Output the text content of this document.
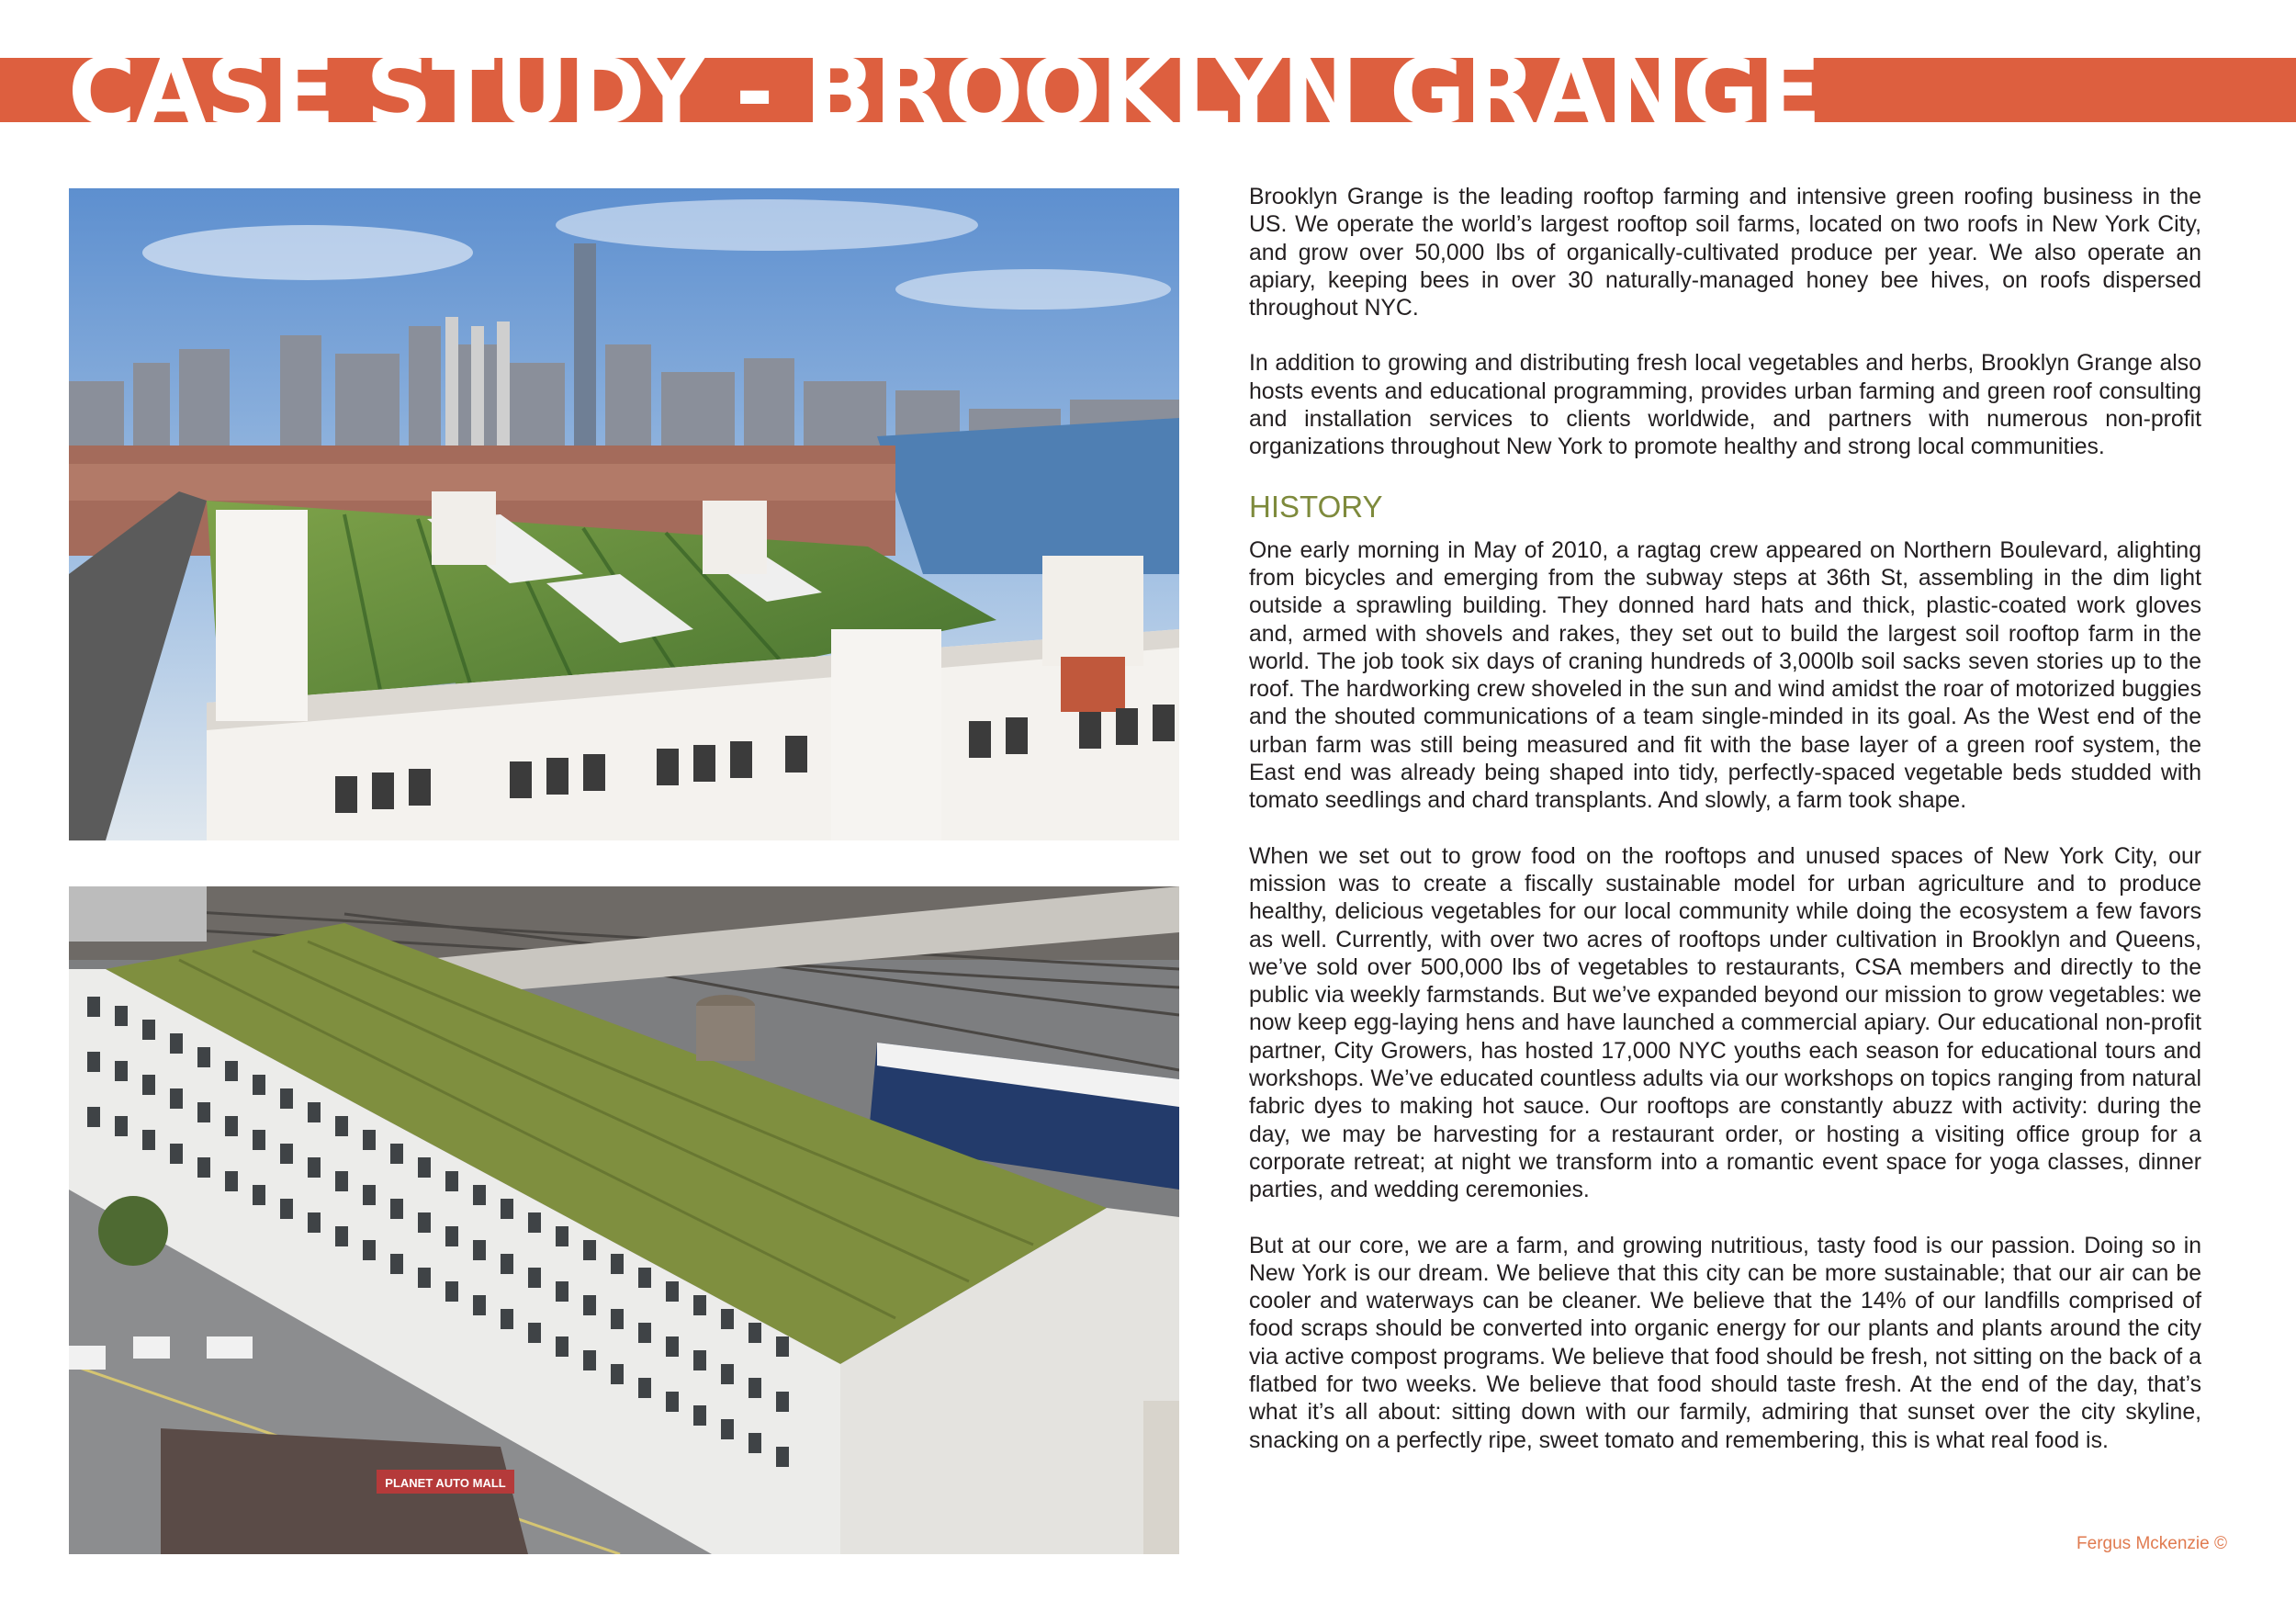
CASE STUDY - BROOKLYN GRANGE
PLANET AUTO MALL

Brooklyn Grange is the leading rooftop farming and intensive green roofing business in the US. We operate the world’s largest rooftop soil farms, located on two roofs in New York City, and grow over 50,000 lbs of organically-cultivated produce per year. We also operate an apiary, keeping bees in over 30 naturally-managed honey bee hives, on roofs dispersed throughout NYC.

In addition to growing and distributing fresh local vegetables and herbs, Brooklyn Grange also hosts events and educational programming, provides urban farming and green roof consulting and installation services to clients worldwide, and partners with numerous non-profit organizations throughout New York to promote healthy and strong local communities.

HISTORY

One early morning in May of 2010, a ragtag crew appeared on Northern Boulevard, alighting from bicycles and emerging from the subway steps at 36th St, assembling in the dim light outside a sprawling building. They donned hard hats and thick, plastic-coated work gloves and, armed with shovels and rakes, they set out to build the largest soil rooftop farm in the world. The job took six days of craning hundreds of 3,000lb soil sacks seven stories up to the roof. The hardworking crew shoveled in the sun and wind amidst the roar of motorized buggies and the shouted communications of a team single-minded in its goal. As the West end of the urban farm was still being measured and fit with the base layer of a green roof system, the East end was already being shaped into tidy, perfectly-spaced vegetable beds studded with tomato seedlings and chard transplants. And slowly, a farm took shape.

When we set out to grow food on the rooftops and unused spaces of New York City, our mission was to create a fiscally sustainable model for urban agriculture and to produce healthy, delicious vegetables for our local community while doing the ecosystem a few favors as well. Currently, with over two acres of rooftops under cultivation in Brooklyn and Queens, we’ve sold over 500,000 lbs of vegetables to restaurants, CSA members and directly to the public via weekly farmstands. But we’ve expanded beyond our mission to grow vegetables: we now keep egg-laying hens and have launched a commercial apiary. Our educational non-profit partner, City Growers, has hosted 17,000 NYC youths each season for educational tours and workshops. We’ve educated countless adults via our workshops on topics ranging from natural fabric dyes to making hot sauce. Our rooftops are constantly abuzz with activity: during the day, we may be harvesting for a restaurant order, or hosting a visiting office group for a corporate retreat; at night we transform into a romantic event space for yoga classes, dinner parties, and wedding ceremonies.

But at our core, we are a farm, and growing nutritious, tasty food is our passion. Doing so in New York is our dream. We believe that this city can be more sustainable; that our air can be cooler and waterways can be cleaner. We believe that the 14% of our landfills comprised of food scraps should be converted into organic energy for our plants and plants around the city via active compost programs. We believe that food should be fresh, not sitting on the back of a flatbed for two weeks. We believe that food should taste fresh. At the end of the day, that’s what it’s all about: sitting down with our farmily, admiring that sunset over the city skyline, snacking on a perfectly ripe, sweet tomato and remembering, this is what real food is.

Fergus Mckenzie ©
